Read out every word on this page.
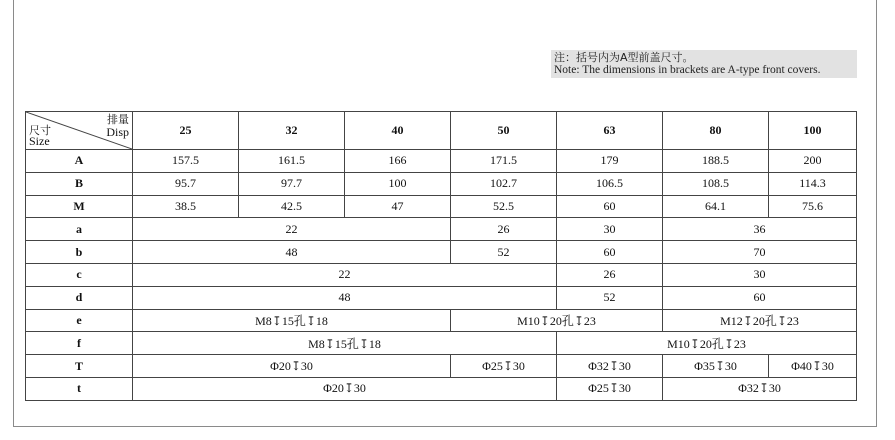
注：括号内为A型前盖尺寸。
Note: The dimensions in brackets are A-type front covers.
排量
Disp
尺寸
Size	25	32	40	50	63	80	100
A	157.5	161.5	166	171.5	179	188.5	200
B	95.7	97.7	100	102.7	106.5	108.5	114.3
M	38.5	42.5	47	52.5	60	64.1	75.6
a	22			26	30	36	
b	48			52	60	70	
c	22				26	30	
d	48				52	60	
e	M8↧15孔↧18			M10↧20孔↧23		M12↧20孔↧23	
f	M8↧15孔↧18				M10↧20孔↧23		
T	Φ20↧30			Φ25↧30	Φ32↧30	Φ35↧30	Φ40↧30
t	Φ20↧30				Φ25↧30	Φ32↧30	
